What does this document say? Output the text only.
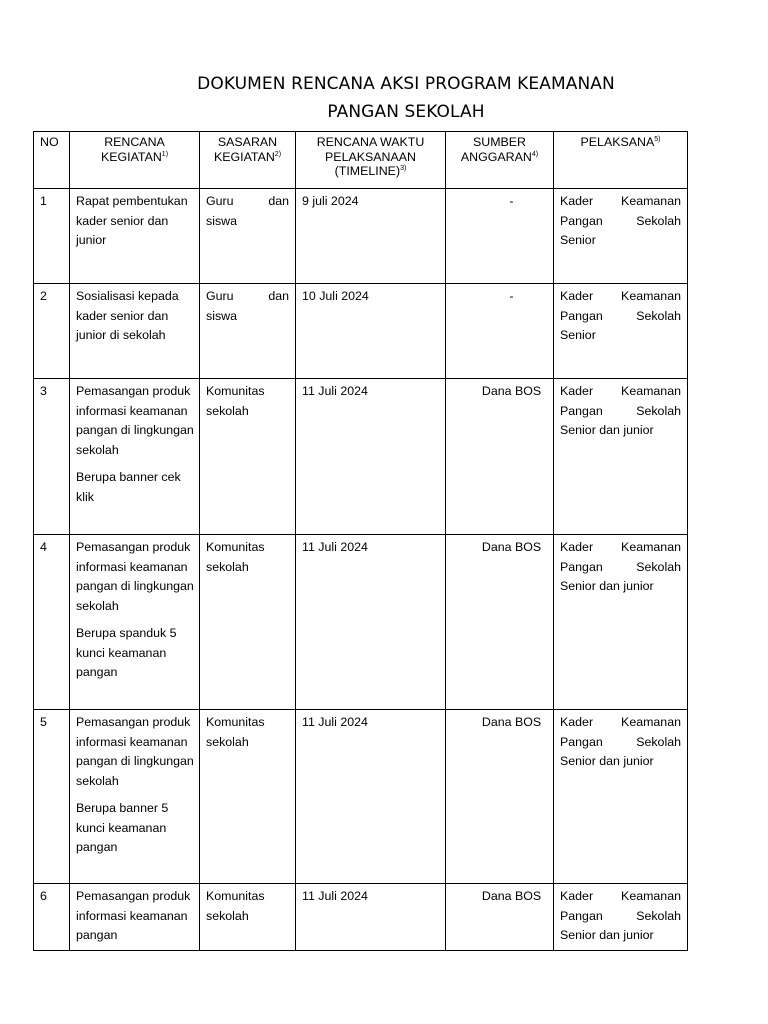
DOKUMEN RENCANA AKSI PROGRAM KEAMANAN
PANGAN SEKOLAH
NO	RENCANA KEGIATAN$^{1)}$	SASARAN KEGIATAN$^{2)}$	RENCANA WAKTU PELAKSANAAN (TIMELINE)$^{3)}$	SUMBER ANGGARAN$^{4)}$	PELAKSANA$^{5)}$
1	Rapat pembentukan kader senior dan junior	Guru dan siswa	9 juli 2024	-	Kader Keamanan Pangan Sekolah Senior
2	Sosialisasi kepada kader senior dan junior di sekolah	Guru dan siswa	10 Juli 2024	-	Kader Keamanan Pangan Sekolah Senior
3	Pemasangan produk informasi keamanan pangan di lingkungan sekolah
Berupa banner cek klik	Komunitas sekolah	11 Juli 2024	Dana BOS	Kader Keamanan Pangan Sekolah Senior dan junior
4	Pemasangan produk informasi keamanan pangan di lingkungan sekolah
Berupa spanduk 5 kunci keamanan pangan	Komunitas sekolah	11 Juli 2024	Dana BOS	Kader Keamanan Pangan Sekolah Senior dan junior
5	Pemasangan produk informasi keamanan pangan di lingkungan sekolah
Berupa banner 5 kunci keamanan pangan	Komunitas sekolah	11 Juli 2024	Dana BOS	Kader Keamanan Pangan Sekolah Senior dan junior
6	Pemasangan produk informasi keamanan pangan	Komunitas sekolah	11 Juli 2024	Dana BOS	Kader Keamanan Pangan Sekolah Senior dan junior
